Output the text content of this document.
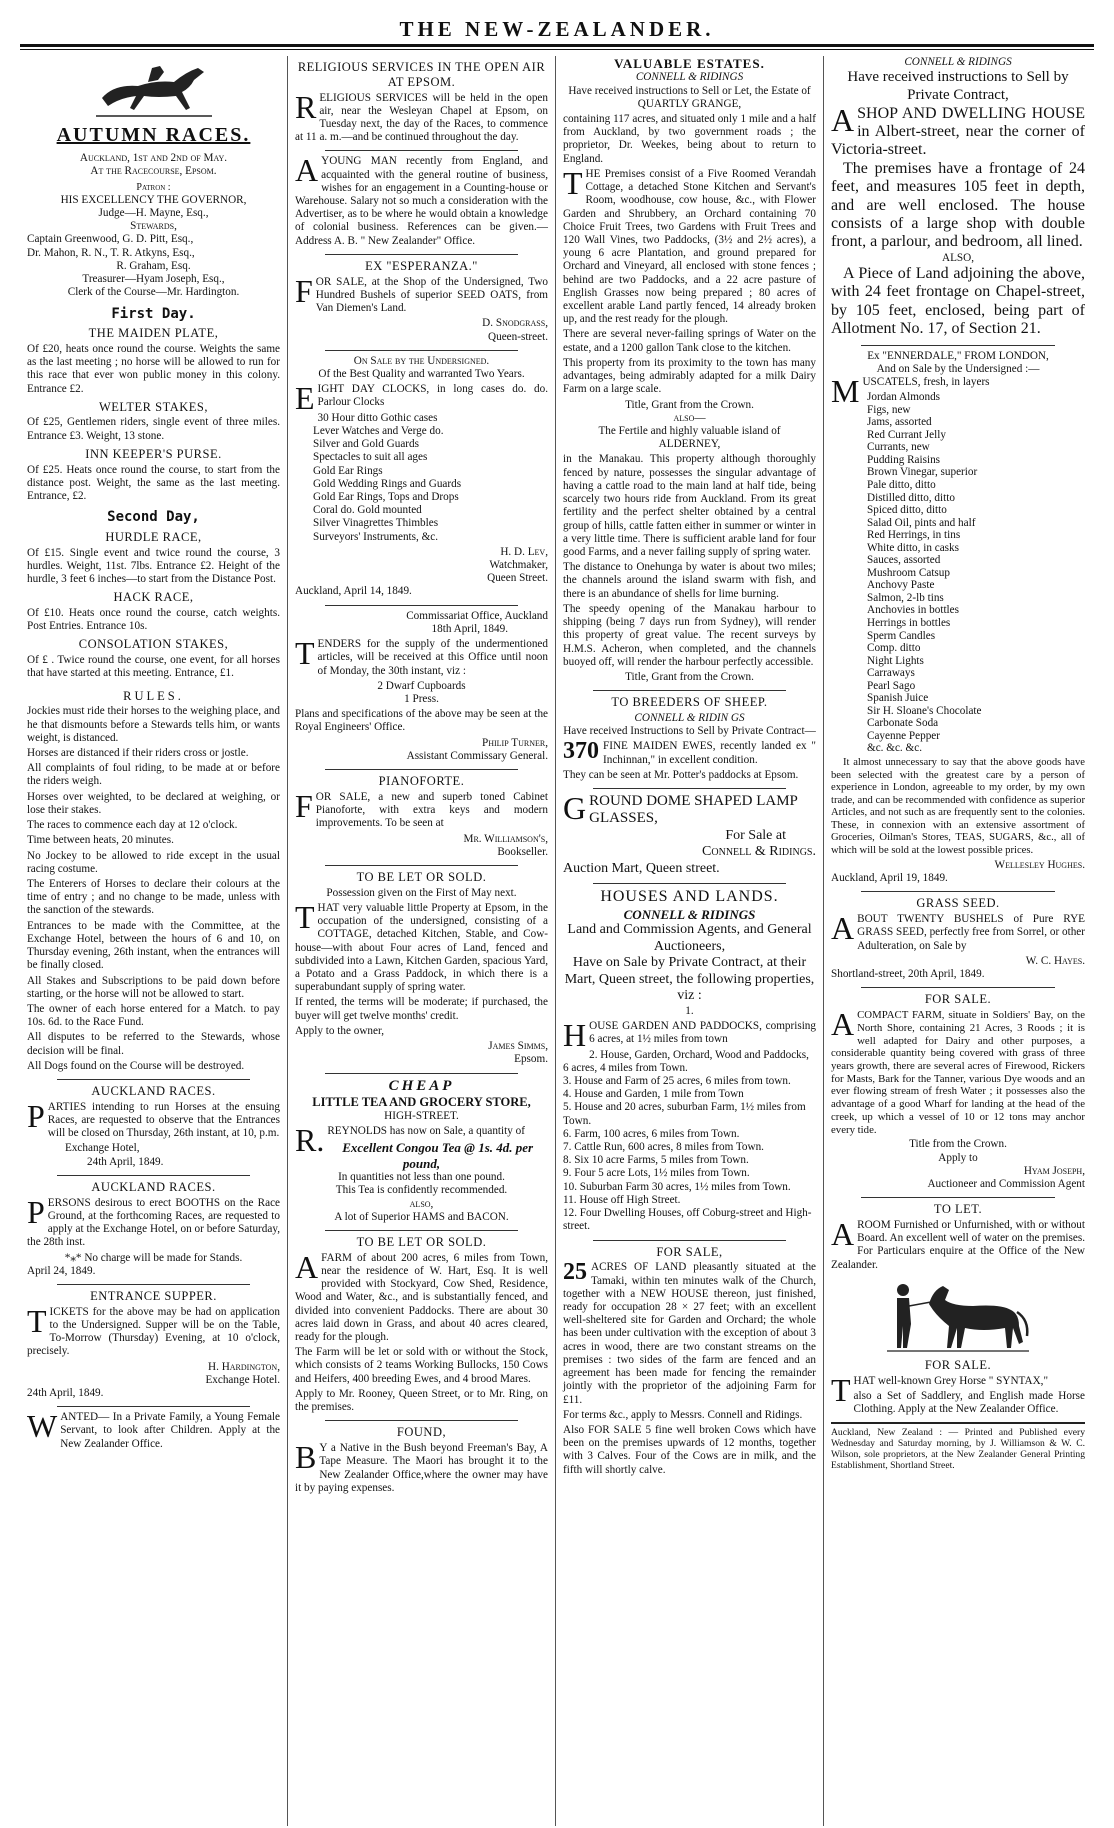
THE NEW-ZEALANDER.
AUTUMN RACES.
Auckland, 1st and 2nd of May.
At the Racecourse, Epsom.
Patron :
HIS EXCELLENCY THE GOVERNOR,
Judge—H. Mayne, Esq.,
Stewards,
Captain Greenwood, G. D. Pitt, Esq.,
Dr. Mahon, R. N., T. R. Atkyns, Esq.,
R. Graham, Esq.
Treasurer—Hyam Joseph, Esq.,
Clerk of the Course—Mr. Hardington.
First Day.
THE MAIDEN PLATE,

Of £20, heats once round the course. Weights the same as the last meeting ; no horse will be allowed to run for this race that ever won public money in this colony. Entrance £2.

WELTER STAKES,

Of £25, Gentlemen riders, single event of three miles. Entrance £3. Weight, 13 stone.

INN KEEPER'S PURSE.

Of £25. Heats once round the course, to start from the distance post. Weight, the same as the last meeting. Entrance, £2.

Second Day,
HURDLE RACE,

Of £15. Single event and twice round the course, 3 hurdles. Weight, 11st. 7lbs. Entrance £2. Height of the hurdle, 3 feet 6 inches—to start from the Distance Post.

HACK RACE,

Of £10. Heats once round the course, catch weights. Post Entries. Entrance 10s.

CONSOLATION STAKES,

Of £ . Twice round the course, one event, for all horses that have started at this meeting. Entrance, £1.

RULES.

Jockies must ride their horses to the weighing place, and he that dismounts before a Stewards tells him, or wants weight, is distanced.

Horses are distanced if their riders cross or jostle.

All complaints of foul riding, to be made at or before the riders weigh.

Horses over weighted, to be declared at weighing, or lose their stakes.

The races to commence each day at 12 o'clock.

Time between heats, 20 minutes.

No Jockey to be allowed to ride except in the usual racing costume.

The Enterers of Horses to declare their colours at the time of entry ; and no change to be made, unless with the sanction of the stewards.

Entrances to be made with the Committee, at the Exchange Hotel, between the hours of 6 and 10, on Thursday evening, 26th instant, when the entrances will be finally closed.

All Stakes and Subscriptions to be paid down before starting, or the horse will not be allowed to start.

The owner of each horse entered for a Match. to pay 10s. 6d. to the Race Fund.

All disputes to be referred to the Stewards, whose decision will be final.

All Dogs found on the Course will be destroyed.

AUCKLAND RACES.

PARTIES intending to run Horses at the ensuing Races, are requested to observe that the Entrances will be closed on Thursday, 26th instant, at 10, p.m.

Exchange Hotel,
24th April, 1849.
AUCKLAND RACES.

PERSONS desirous to erect BOOTHS on the Race Ground, at the forthcoming Races, are requested to apply at the Exchange Hotel, on or before Saturday, the 28th inst.

*⁎* No charge will be made for Stands.
April 24, 1849.
ENTRANCE SUPPER.

TICKETS for the above may be had on application to the Undersigned. Supper will be on the Table, To-Morrow (Thursday) Evening, at 10 o'clock, precisely.

H. Hardington,
Exchange Hotel.
24th April, 1849.

WANTED— In a Private Family, a Young Female Servant, to look after Children. Apply at the New Zealander Office.

RELIGIOUS SERVICES IN THE OPEN AIR AT EPSOM.

RELIGIOUS SERVICES will be held in the open air, near the Wesleyan Chapel at Epsom, on Tuesday next, the day of the Races, to commence at 11 a. m.—and be continued throughout the day.

AYOUNG MAN recently from England, and acquainted with the general routine of business, wishes for an engagement in a Counting-house or Warehouse. Salary not so much a consideration with the Advertiser, as to be where he would obtain a knowledge of colonial business. References can be given.—Address A. B. " New Zealander" Office.

EX "ESPERANZA."

FOR SALE, at the Shop of the Undersigned, Two Hundred Bushels of superior SEED OATS, from Van Diemen's Land.

D. Snodgrass,
Queen-street.
On Sale by the Undersigned.
Of the Best Quality and warranted Two Years.

EIGHT DAY CLOCKS, in long cases do. do. Parlour Clocks

30 Hour ditto Gothic cases
Lever Watches and Verge do.
Silver and Gold Guards
Spectacles to suit all ages
Gold Ear Rings
Gold Wedding Rings and Guards
Gold Ear Rings, Tops and Drops
Coral do. Gold mounted
Silver Vinagrettes Thimbles
Surveyors' Instruments, &c.
H. D. Lev,
Watchmaker,
Queen Street.
Auckland, April 14, 1849.
Commissariat Office, Auckland
18th April, 1849.

TENDERS for the supply of the undermentioned articles, will be received at this Office until noon of Monday, the 30th instant, viz :

2 Dwarf Cupboards
1 Press.

Plans and specifications of the above may be seen at the Royal Engineers' Office.

Philip Turner,
Assistant Commissary General.
PIANOFORTE.

FOR SALE, a new and superb toned Cabinet Pianoforte, with extra keys and modern improvements. To be seen at

Mr. Williamson's,
Bookseller.
TO BE LET OR SOLD.
Possession given on the First of May next.

THAT very valuable little Property at Epsom, in the occupation of the undersigned, consisting of a COTTAGE, detached Kitchen, Stable, and Cow-house—with about Four acres of Land, fenced and subdivided into a Lawn, Kitchen Garden, spacious Yard, a Potato and a Grass Paddock, in which there is a superabundant supply of spring water.

If rented, the terms will be moderate; if purchased, the buyer will get twelve months' credit.

Apply to the owner,

James Simms,
Epsom.
CHEAP
LITTLE TEA AND GROCERY STORE,
HIGH-STREET.

R.REYNOLDS has now on Sale, a quantity of

Excellent Congou Tea @ 1s. 4d. per pound,
In quantities not less than one pound.
This Tea is confidently recommended.
also,
A lot of Superior HAMS and BACON.
TO BE LET OR SOLD.

AFARM of about 200 acres, 6 miles from Town, near the residence of W. Hart, Esq. It is well provided with Stockyard, Cow Shed, Residence, Wood and Water, &c., and is substantially fenced, and divided into convenient Paddocks. There are about 30 acres laid down in Grass, and about 40 acres cleared, ready for the plough.

The Farm will be let or sold with or without the Stock, which consists of 2 teams Working Bullocks, 150 Cows and Heifers, 400 breeding Ewes, and 4 brood Mares.

Apply to Mr. Rooney, Queen Street, or to Mr. Ring, on the premises.

FOUND,

BY a Native in the Bush beyond Freeman's Bay, A Tape Measure. The Maori has brought it to the New Zealander Office,where the owner may have it by paying expenses.

VALUABLE ESTATES.
CONNELL & RIDINGS
Have received instructions to Sell or Let, the Estate of
QUARTLY GRANGE,

containing 117 acres, and situated only 1 mile and a half from Auckland, by two government roads ; the proprietor, Dr. Weekes, being about to return to England.

THE Premises consist of a Five Roomed Verandah Cottage, a detached Stone Kitchen and Servant's Room, woodhouse, cow house, &c., with Flower Garden and Shrubbery, an Orchard containing 70 Choice Fruit Trees, two Gardens with Fruit Trees and 120 Wall Vines, two Paddocks, (3½ and 2½ acres), a young 6 acre Plantation, and ground prepared for Orchard and Vineyard, all enclosed with stone fences ; behind are two Paddocks, and a 22 acre pasture of English Grasses now being prepared ; 80 acres of excellent arable Land partly fenced, 14 already broken up, and the rest ready for the plough.

There are several never-failing springs of Water on the estate, and a 1200 gallon Tank close to the kitchen.

This property from its proximity to the town has many advantages, being admirably adapted for a milk Dairy Farm on a large scale.

Title, Grant from the Crown.
also—
The Fertile and highly valuable island of
ALDERNEY,

in the Manakau. This property although thoroughly fenced by nature, possesses the singular advantage of having a cattle road to the main land at half tide, being scarcely two hours ride from Auckland. From its great fertility and the perfect shelter obtained by a central group of hills, cattle fatten either in summer or winter in a very little time. There is sufficient arable land for four good Farms, and a never failing supply of spring water.

The distance to Onehunga by water is about two miles; the channels around the island swarm with fish, and there is an abundance of shells for lime burning.

The speedy opening of the Manakau harbour to shipping (being 7 days run from Sydney), will render this property of great value. The recent surveys by H.M.S. Acheron, when completed, and the channels buoyed off, will render the harbour perfectly accessible.

Title, Grant from the Crown.
TO BREEDERS OF SHEEP.
CONNELL & RIDIN GS
Have received Instructions to Sell by Private Contract—

370 FINE MAIDEN EWES, recently landed ex " Inchinnan," in excellent condition.

They can be seen at Mr. Potter's paddocks at Epsom.

GROUND DOME SHAPED LAMP GLASSES,
For Sale at
Connell & Ridings.
Auction Mart, Queen street.
HOUSES AND LANDS.
CONNELL & RIDINGS
Land and Commission Agents, and General Auctioneers,
Have on Sale by Private Contract, at their Mart, Queen street, the following properties, viz :
1.

HOUSE GARDEN AND PADDOCKS, comprising 6 acres, at 1½ miles from town

2. House, Garden, Orchard, Wood and Paddocks, 6 acres, 4 miles from Town.
3. House and Farm of 25 acres, 6 miles from town.
4. House and Garden, 1 mile from Town
5. House and 20 acres, suburban Farm, 1½ miles from Town.
6. Farm, 100 acres, 6 miles from Town.
7. Cattle Run, 600 acres, 8 miles from Town.
8. Six 10 acre Farms, 5 miles from Town.
9. Four 5 acre Lots, 1½ miles from Town.
10. Suburban Farm 30 acres, 1½ miles from Town.
11. House off High Street.
12. Four Dwelling Houses, off Coburg-street and High-street.
FOR SALE,

25 ACRES OF LAND pleasantly situated at the Tamaki, within ten minutes walk of the Church, together with a NEW HOUSE thereon, just finished, ready for occupation 28 × 27 feet; with an excellent well-sheltered site for Garden and Orchard; the whole has been under cultivation with the exception of about 3 acres in wood, there are two constant streams on the premises : two sides of the farm are fenced and an agreement has been made for fencing the remainder jointly with the proprietor of the adjoining Farm for £11.

For terms &c., apply to Messrs. Connell and Ridings.

Also FOR SALE 5 fine well broken Cows which have been on the premises upwards of 12 months, together with 3 Calves. Four of the Cows are in milk, and the fifth will shortly calve.

CONNELL & RIDINGS
Have received instructions to Sell by Private Contract,
ASHOP AND DWELLING HOUSE in Albert-street, near the corner of Victoria-street.
The premises have a frontage of 24 feet, and measures 105 feet in depth, and are well enclosed. The house consists of a large shop with double front, a parlour, and bedroom, all lined.
ALSO,
A Piece of Land adjoining the above, with 24 feet frontage on Chapel-street, by 105 feet, enclosed, being part of Allotment No. 17, of Section 21.
Ex "ENNERDALE," FROM LONDON,
And on Sale by the Undersigned :—
MUSCATELS, fresh, in layers
Jordan Almonds
Figs, new
Jams, assorted
Red Currant Jelly
Currants, new
Pudding Raisins
Brown Vinegar, superior
Pale ditto, ditto
Distilled ditto, ditto
Spiced ditto, ditto
Salad Oil, pints and half
Red Herrings, in tins
White ditto, in casks
Sauces, assorted
Mushroom Catsup
Anchovy Paste
Salmon, 2-lb tins
Anchovies in bottles
Herrings in bottles
Sperm Candles
Comp. ditto
Night Lights
Carraways
Pearl Sago
Spanish Juice
Sir H. Sloane's Chocolate
Carbonate Soda
Cayenne Pepper
&c. &c. &c.

It almost unnecessary to say that the above goods have been selected with the greatest care by a person of experience in London, agreeable to my order, by my own trade, and can be recommended with confidence as superior Articles, and not such as are frequently sent to the colonies. These, in connexion with an extensive assortment of Groceries, Oilman's Stores, TEAS, SUGARS, &c., all of which will be sold at the lowest possible prices.

Wellesley Hughes.
Auckland, April 19, 1849.
GRASS SEED.

ABOUT TWENTY BUSHELS of Pure RYE GRASS SEED, perfectly free from Sorrel, or other Adulteration, on Sale by

W. C. Hayes.
Shortland-street, 20th April, 1849.
FOR SALE.

ACOMPACT FARM, situate in Soldiers' Bay, on the North Shore, containing 21 Acres, 3 Roods ; it is well adapted for Dairy and other purposes, a considerable quantity being covered with grass of three years growth, there are several acres of Firewood, Rickers for Masts, Bark for the Tanner, various Dye woods and an ever flowing stream of fresh Water ; it possesses also the advantage of a good Wharf for landing at the head of the creek, up which a vessel of 10 or 12 tons may anchor every tide.

Title from the Crown.
Apply to
Hyam Joseph,
Auctioneer and Commission Agent
TO LET.

AROOM Furnished or Unfurnished, with or without Board. An excellent well of water on the premises. For Particulars enquire at the Office of the New Zealander.

FOR SALE.

THAT well-known Grey Horse " SYNTAX,"

also a Set of Saddlery, and English made Horse Clothing. Apply at the New Zealander Office.

Auckland, New Zealand : — Printed and Published every Wednesday and Saturday morning, by J. Williamson & W. C. Wilson, sole proprietors, at the New Zealander General Printing Establishment, Shortland Street.
